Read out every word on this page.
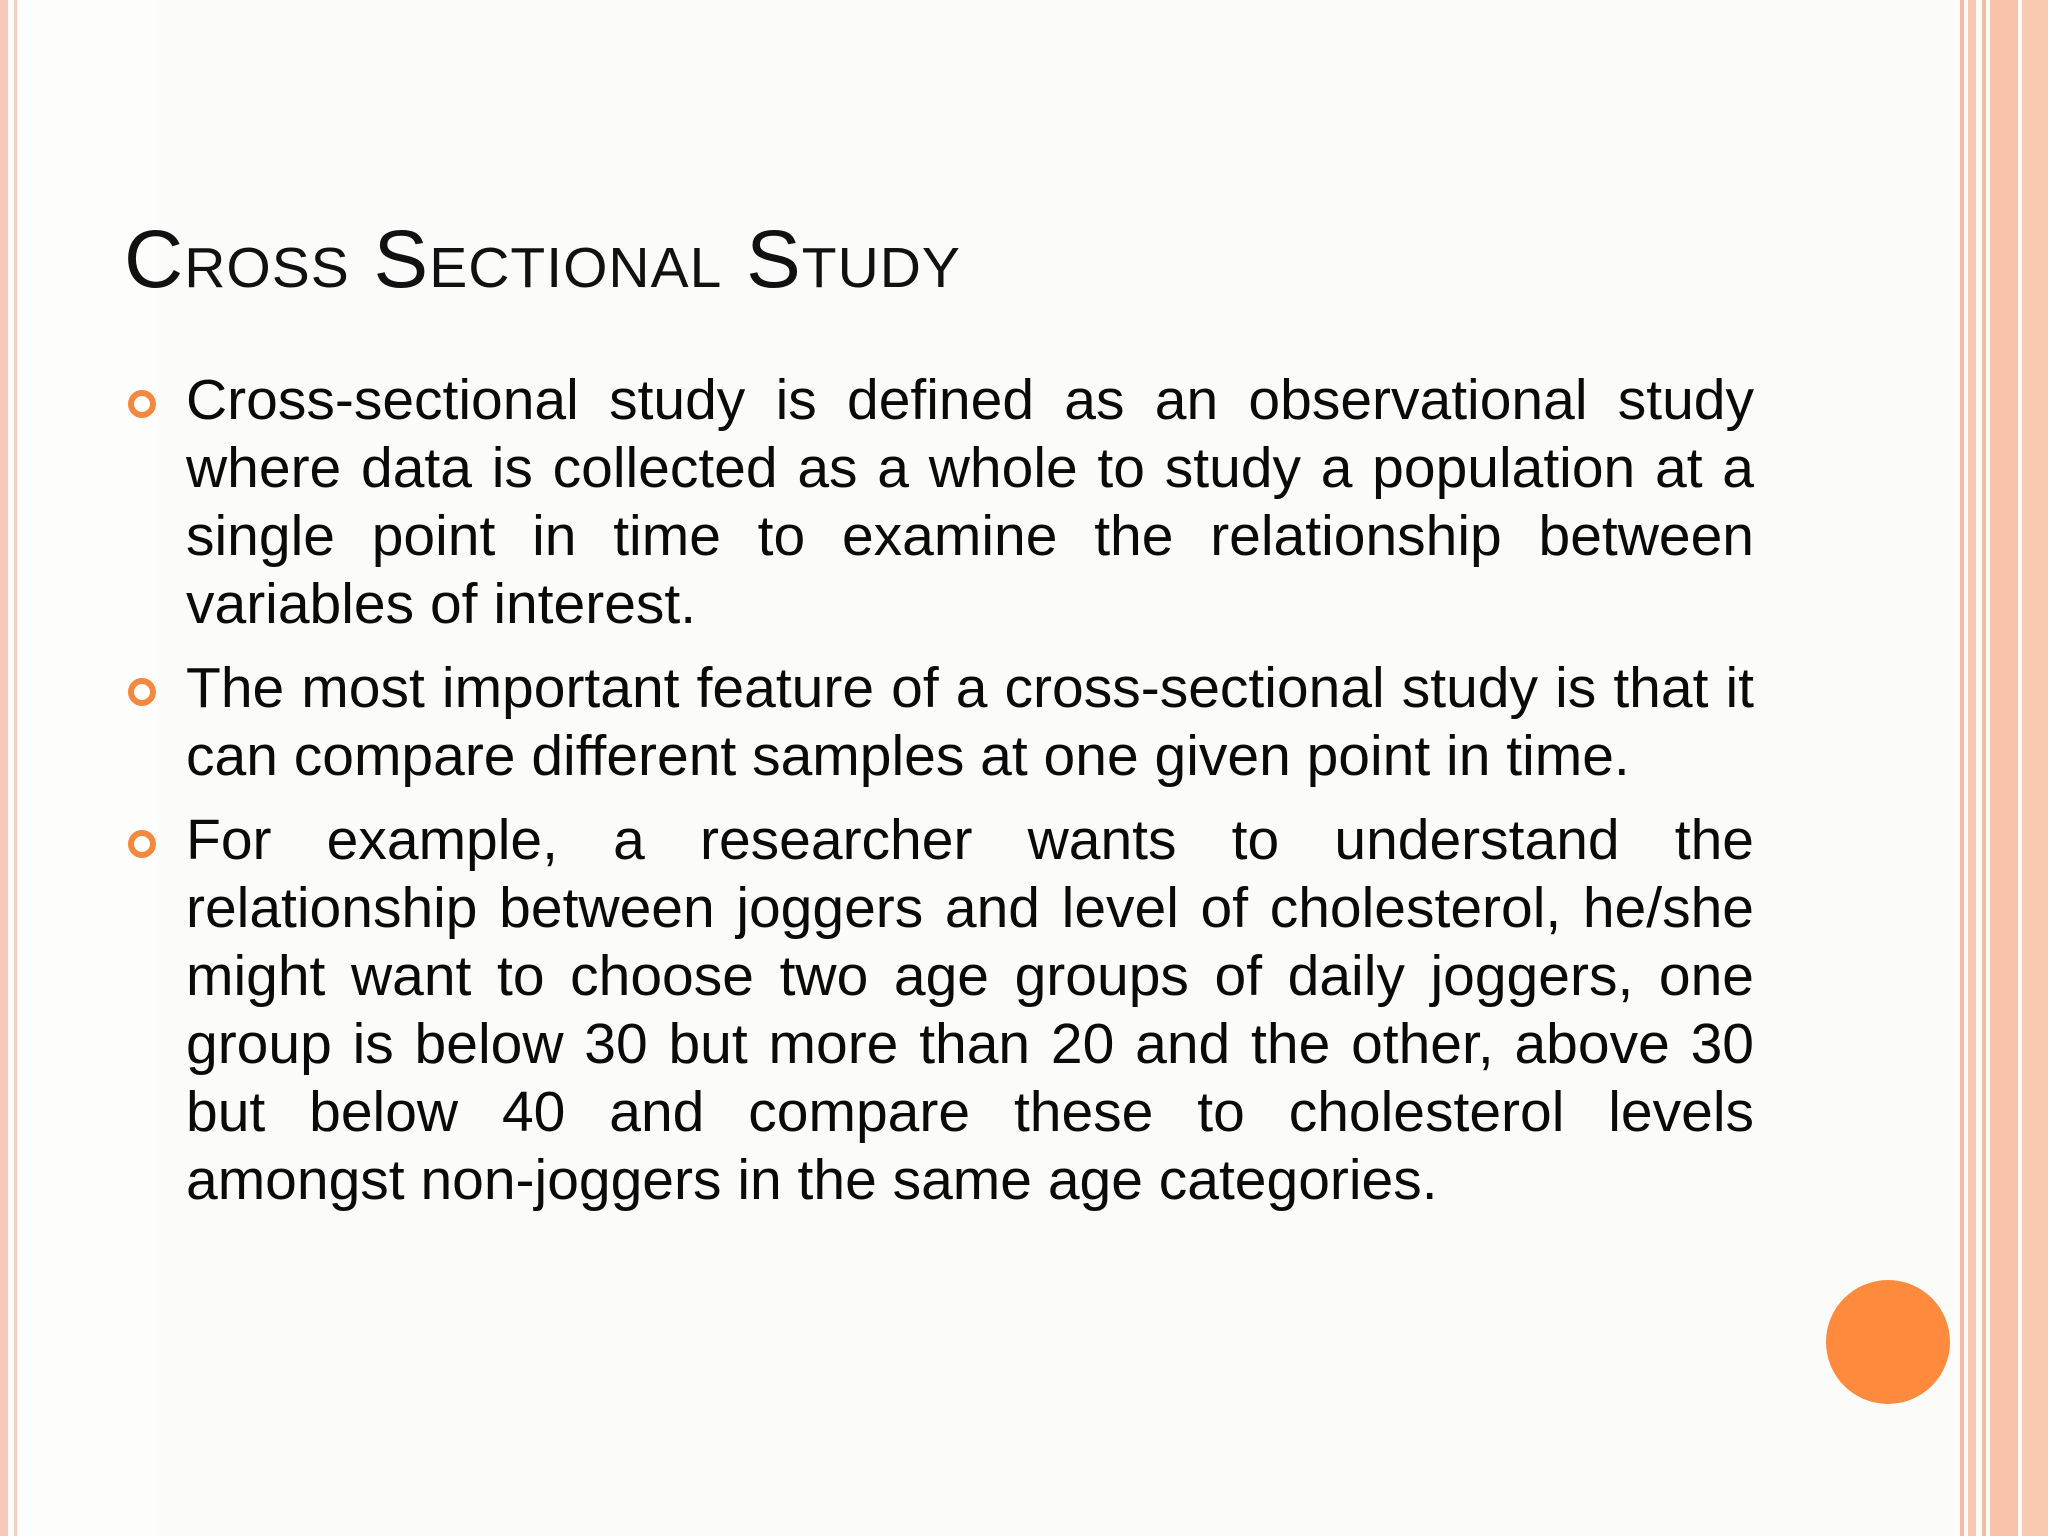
Cross Sectional Study
Cross-sectional study is defined as an observational study where data is collected as a whole to study a population at a single point in time to examine the relationship between variables of interest.
The most important feature of a cross-sectional study is that it can compare different samples at one given point in time.
For example, a researcher wants to understand the relationship between joggers and level of cholesterol, he/she might want to choose two age groups of daily joggers, one group is below 30 but more than 20 and the other, above 30 but below 40 and compare these to cholesterol levels amongst non-joggers in the same age categories.
